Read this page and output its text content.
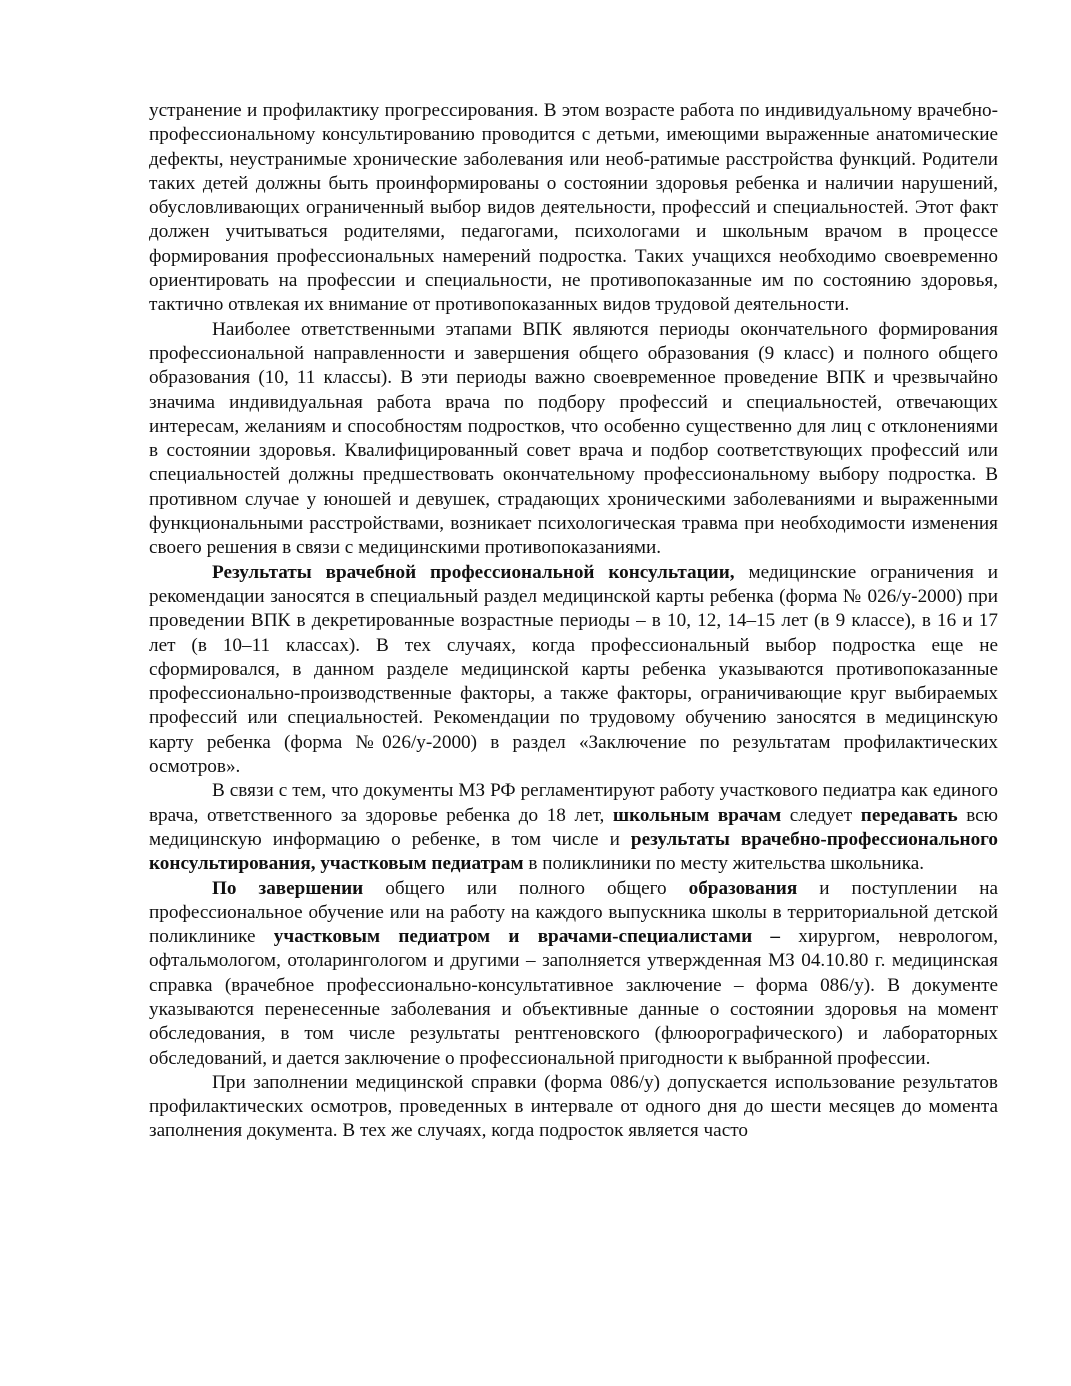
устранение и профилактику прогрессирования. В этом возрасте работа по индивидуальному врачебно-профессиональному консультированию проводится с детьми, имеющими выраженные анатомические дефекты, неустранимые хронические заболевания или необ-ратимые расстройства функций. Родители таких детей должны быть проинформированы о состоянии здоровья ребенка и наличии нарушений, обусловливающих ограниченный выбор видов деятельности, профессий и специальностей. Этот факт должен учитываться родителями, педагогами, психологами и школьным врачом в процессе формирования профессиональных намерений подростка. Таких учащихся необходимо своевременно ориентировать на профессии и специальности, не противопоказанные им по состоянию здоровья, тактично отвлекая их внимание от противопоказанных видов трудовой деятельности.

Наиболее ответственными этапами ВПК являются периоды окончательного формирования профессиональной направленности и завершения общего образования (9 класс) и полного общего образования (10, 11 классы). В эти периоды важно своевременное проведение ВПК и чрезвычайно значима индивидуальная работа врача по подбору профессий и специальностей, отвечающих интересам, желаниям и способностям подростков, что особенно существенно для лиц с отклонениями в состоянии здоровья. Квалифицированный совет врача и подбор соответствующих профессий или специальностей должны предшествовать окончательному профессиональному выбору подростка. В противном случае у юношей и девушек, страдающих хроническими заболеваниями и выраженными функциональными расстройствами, возникает психологическая травма при необходимости изменения своего решения в связи с медицинскими противопоказаниями.

Результаты врачебной профессиональной консультации, медицинские ограничения и рекомендации заносятся в специальный раздел медицинской карты ребенка (форма № 026/у-2000) при проведении ВПК в декретированные возрастные периоды – в 10, 12, 14–15 лет (в 9 классе), в 16 и 17 лет (в 10–11 классах). В тех случаях, когда профессиональный выбор подростка еще не сформировался, в данном разделе медицинской карты ребенка указываются противопоказанные профессионально-производственные факторы, а также факторы, ограничивающие круг выбираемых профессий или специальностей. Рекомендации по трудовому обучению заносятся в медицинскую карту ребенка (форма №026/у-2000) в раздел «Заключение по результатам профилактических осмотров».

В связи с тем, что документы МЗ РФ регламентируют работу участкового педиатра как единого врача, ответственного за здоровье ребенка до 18 лет, школьным врачам следует передавать всю медицинскую информацию о ребенке, в том числе и результаты врачебно-профессионального консультирования, участковым педиатрам в поликлиники по месту жительства школьника.

По завершении общего или полного общего образования и поступлении на профессиональное обучение или на работу на каждого выпускника школы в территориальной детской поликлинике участковым педиатром и врачами-специалистами – хирургом, неврологом, офтальмологом, отоларингологом и другими – заполняется утвержденная МЗ 04.10.80 г. медицинская справка (врачебное профессионально-консультативное заключение – форма 086/у). В документе указываются перенесенные заболевания и объективные данные о состоянии здоровья на момент обследования, в том числе результаты рентгеновского (флюорографического) и лабораторных обследований, и дается заключение о профессиональной пригодности к выбранной профессии.

При заполнении медицинской справки (форма 086/у) допускается использование результатов профилактических осмотров, проведенных в интервале от одного дня до шести месяцев до момента заполнения документа. В тех же случаях, когда подросток является часто
